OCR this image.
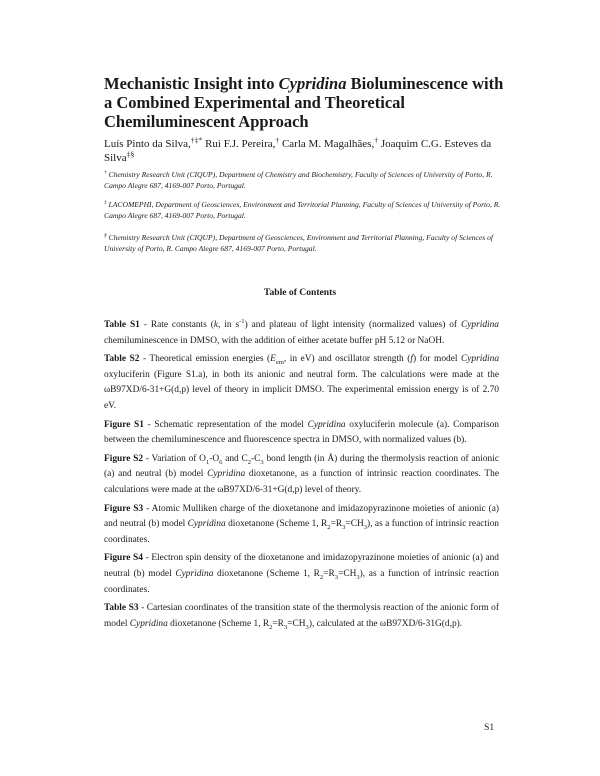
Mechanistic Insight into Cypridina Bioluminescence with a Combined Experimental and Theoretical Chemiluminescent Approach
Luís Pinto da Silva,†‡* Rui F.J. Pereira,† Carla M. Magalhães,† Joaquim C.G. Esteves da Silva‡§
† Chemistry Research Unit (CIQUP), Department of Chemistry and Biochemistry, Faculty of Sciences of University of Porto, R. Campo Alegre 687, 4169-007 Porto, Portugal.
‡ LACOMEPHI, Department of Geosciences, Environment and Territorial Planning, Faculty of Sciences of University of Porto, R. Campo Alegre 687, 4169-007 Porto, Portugal.
§ Chemistry Research Unit (CIQUP), Department of Geosciences, Environment and Territorial Planning, Faculty of Sciences of University of Porto, R. Campo Alegre 687, 4169-007 Porto, Portugal.
Table of Contents
Table S1 - Rate constants (k, in $s^{-1}$) and plateau of light intensity (normalized values) of Cypridina chemiluminescence in DMSO, with the addition of either acetate buffer pH 5.12 or NaOH.
Table S2 - Theoretical emission energies ($E_{em}$, in eV) and oscillator strength (f) for model Cypridina oxyluciferin (Figure S1.a), in both its anionic and neutral form. The calculations were made at the ωB97XD/6-31+G(d,p) level of theory in implicit DMSO. The experimental emission energy is of 2.70 eV.
Figure S1 - Schematic representation of the model Cypridina oxyluciferin molecule (a). Comparison between the chemiluminescence and fluorescence spectra in DMSO, with normalized values (b).
Figure S2 - Variation of $O_1-O_6$ and $C_2-C_3$ bond length (in Å) during the thermolysis reaction of anionic (a) and neutral (b) model Cypridina dioxetanone, as a function of intrinsic reaction coordinates. The calculations were made at the ωB97XD/6-31+G(d,p) level of theory.
Figure S3 - Atomic Mulliken charge of the dioxetanone and imidazopyrazinone moieties of anionic (a) and neutral (b) model Cypridina dioxetanone (Scheme 1, $R_2=R_3=CH_3$), as a function of intrinsic reaction coordinates.
Figure S4 - Electron spin density of the dioxetanone and imidazopyrazinone moieties of anionic (a) and neutral (b) model Cypridina dioxetanone (Scheme 1, $R_2=R_3=CH_3$), as a function of intrinsic reaction coordinates.
Table S3 - Cartesian coordinates of the transition state of the thermolysis reaction of the anionic form of model Cypridina dioxetanone (Scheme 1, $R_2=R_3=CH_3$), calculated at the ωB97XD/6-31G(d,p).
S1
